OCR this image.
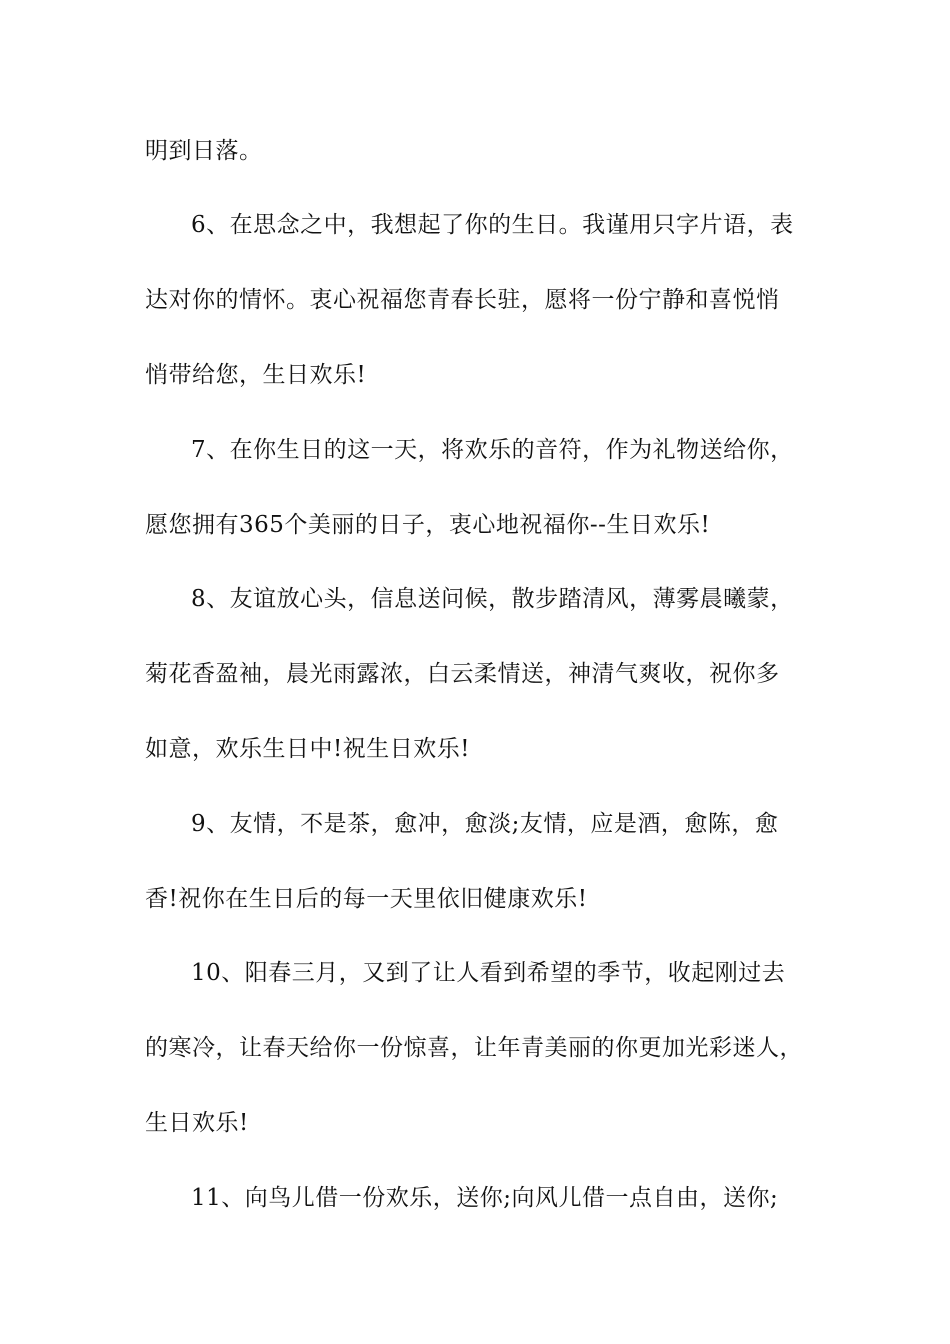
明到日落。
6、在思念之中，我想起了你的生日。我谨用只字片语，表
达对你的情怀。衷心祝福您青春长驻，愿将一份宁静和喜悦悄
悄带给您，生日欢乐!
7、在你生日的这一天，将欢乐的音符，作为礼物送给你，
愿您拥有365个美丽的日子，衷心地祝福你--生日欢乐!
8、友谊放心头，信息送问候，散步踏清风，薄雾晨曦蒙，
菊花香盈袖，晨光雨露浓，白云柔情送，神清气爽收，祝你多
如意，欢乐生日中!祝生日欢乐!
9、友情，不是茶，愈冲，愈淡;友情，应是酒，愈陈，愈
香!祝你在生日后的每一天里依旧健康欢乐!
10、阳春三月，又到了让人看到希望的季节，收起刚过去
的寒冷，让春天给你一份惊喜，让年青美丽的你更加光彩迷人，
生日欢乐!
11、向鸟儿借一份欢乐，送你;向风儿借一点自由，送你;
